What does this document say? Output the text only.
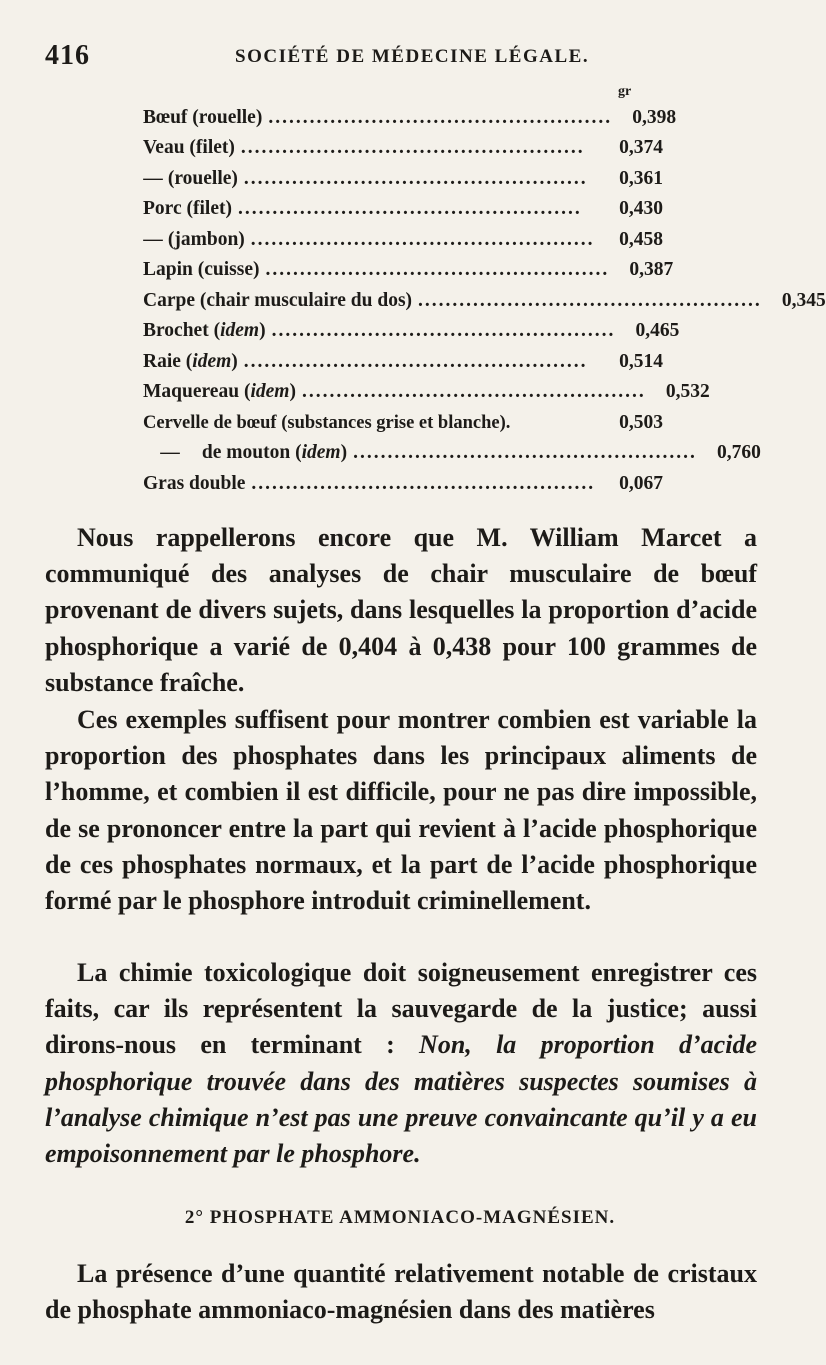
416	SOCIÉTÉ DE MÉDECINE LÉGALE.
gr
Bœuf (rouelle) ..................................................	0,398
Veau (filet) ..................................................	0,374
— (rouelle) ..................................................	0,361
Porc (filet) ..................................................	0,430
— (jambon) ..................................................	0,458
Lapin (cuisse) ..................................................	0,387
Carpe (chair musculaire du dos) ..................................................	0,345
Brochet (idem) ..................................................	0,465
Raie (idem) ..................................................	0,514
Maquereau (idem) ..................................................	0,532
Cervelle de bœuf (substances grise et blanche).	0,503
— de mouton (idem) ..................................................	0,760
Gras double ..................................................	0,067

Nous rappellerons encore que M. William Marcet a communiqué des analyses de chair musculaire de bœuf provenant de divers sujets, dans lesquelles la proportion d’acide phosphorique a varié de 0,404 à 0,438 pour 100 grammes de substance fraîche.

Ces exemples suffisent pour montrer combien est variable la proportion des phosphates dans les principaux aliments de l’homme, et combien il est difficile, pour ne pas dire impossible, de se prononcer entre la part qui revient à l’acide phosphorique de ces phosphates normaux, et la part de l’acide phosphorique formé par le phosphore introduit criminellement.

La chimie toxicologique doit soigneusement enregistrer ces faits, car ils représentent la sauvegarde de la justice; aussi dirons-nous en terminant : Non, la proportion d’acide phosphorique trouvée dans des matières suspectes soumises à l’analyse chimique n’est pas une preuve convaincante qu’il y a eu empoisonnement par le phosphore.

2° PHOSPHATE AMMONIACO-MAGNÉSIEN.

La présence d’une quantité relativement notable de cristaux de phosphate ammoniaco-magnésien dans des matières
